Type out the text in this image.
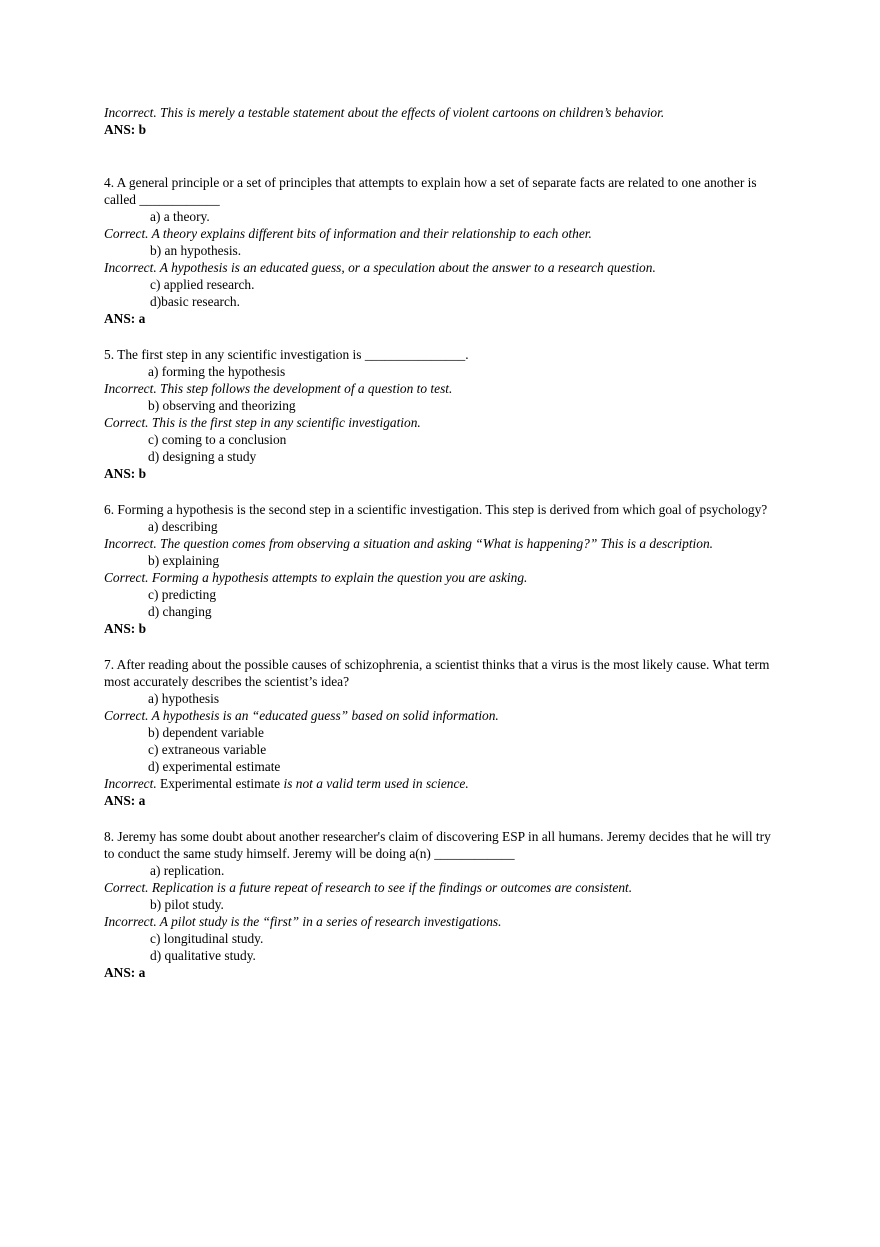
Incorrect. This is merely a testable statement about the effects of violent cartoons on children’s behavior.
ANS: b
4. A general principle or a set of principles that attempts to explain how a set of separate facts are related to one another is called ____________
a) a theory.
Correct. A theory explains different bits of information and their relationship to each other.
b) an hypothesis.
Incorrect. A hypothesis is an educated guess, or a speculation about the answer to a research question.
c) applied research.
d)basic research.
ANS: a
5. The first step in any scientific investigation is _______________.
a) forming the hypothesis
Incorrect. This step follows the development of a question to test.
b) observing and theorizing
Correct. This is the first step in any scientific investigation.
c) coming to a conclusion
d) designing a study
ANS: b
6. Forming a hypothesis is the second step in a scientific investigation. This step is derived from which goal of psychology?
a) describing
Incorrect. The question comes from observing a situation and asking “What is happening?” This is a description.
b) explaining
Correct. Forming a hypothesis attempts to explain the question you are asking.
c) predicting
d) changing
ANS: b
7. After reading about the possible causes of schizophrenia, a scientist thinks that a virus is the most likely cause. What term most accurately describes the scientist’s idea?
a) hypothesis
Correct. A hypothesis is an “educated guess” based on solid information.
b) dependent variable
c) extraneous variable
d) experimental estimate
Incorrect. Experimental estimate is not a valid term used in science.
ANS: a
8. Jeremy has some doubt about another researcher's claim of discovering ESP in all humans. Jeremy decides that he will try to conduct the same study himself. Jeremy will be doing a(n) ____________
a) replication.
Correct. Replication is a future repeat of research to see if the findings or outcomes are consistent.
b) pilot study.
Incorrect. A pilot study is the “first” in a series of research investigations.
c) longitudinal study.
d) qualitative study.
ANS: a
